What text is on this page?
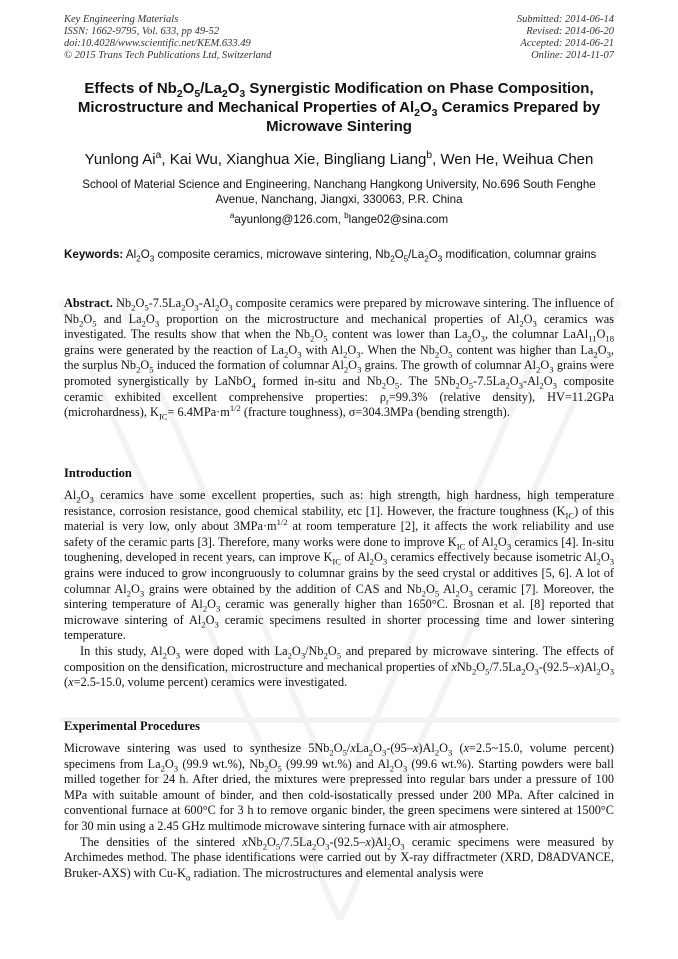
Key Engineering Materials
ISSN: 1662-9795, Vol. 633, pp 49-52
doi:10.4028/www.scientific.net/KEM.633.49
© 2015 Trans Tech Publications Ltd, Switzerland
Submitted: 2014-06-14
Revised: 2014-06-20
Accepted: 2014-06-21
Online: 2014-11-07
Effects of $Nb_2O_5/La_2O_3$ Synergistic Modification on Phase Composition, Microstructure and Mechanical Properties of $Al_2O_3$ Ceramics Prepared by Microwave Sintering
Yunlong Ai$^a$, Kai Wu, Xianghua Xie, Bingliang Liang$^b$, Wen He, Weihua Chen
School of Material Science and Engineering, Nanchang Hangkong University, No.696 South Fenghe Avenue, Nanchang, Jiangxi, 330063, P.R. China
$^a$ayunlong@126.com, $^b$lange02@sina.com
Keywords: $Al_2O_3$ composite ceramics, microwave sintering, $Nb_2O_5/La_2O_3$ modification, columnar grains

Abstract. $Nb_2O_5-7.5La_2O_3-Al_2O_3$ composite ceramics were prepared by microwave sintering. The influence of $Nb_2O_5$ and $La_2O_3$ proportion on the microstructure and mechanical properties of $Al_2O_3$ ceramics was investigated. The results show that when the $Nb_2O_5$ content was lower than $La_2O_3$, the columnar $LaAl_{11}O_{18}$ grains were generated by the reaction of $La_2O_3$ with $Al_2O_3$. When the $Nb_2O_5$ content was higher than $La_2O_3$, the surplus $Nb_2O_5$ induced the formation of columnar $Al_2O_3$ grains. The growth of columnar $Al_2O_3$ grains were promoted synergistically by LaNbO$_4$ formed in-situ and $Nb_2O_5$. The $5Nb_2O_5-7.5La_2O_3-Al_2O_3$ composite ceramic exhibited excellent comprehensive properties: $\rho_r=99.3\%$ (relative density), HV=11.2GPa (microhardness), $K_{IC}= 6.4MPa\cdot m^{1/2}$ (fracture toughness), σ=304.3MPa (bending strength).

Introduction

$Al_2O_3$ ceramics have some excellent properties, such as: high strength, high hardness, high temperature resistance, corrosion resistance, good chemical stability, etc [1]. However, the fracture toughness $(K_{IC})$ of this material is very low, only about $3MPa\cdot m^{1/2}$ at room temperature [2], it affects the work reliability and use safety of the ceramic parts [3]. Therefore, many works were done to improve $K_{IC}$ of $Al_2O_3$ ceramics [4]. In-situ toughening, developed in recent years, can improve $K_{IC}$ of $Al_2O_3$ ceramics effectively because isometric $Al_2O_3$ grains were induced to grow incongruously to columnar grains by the seed crystal or additives [5, 6]. A lot of columnar $Al_2O_3$ grains were obtained by the addition of CAS and $Nb_2O_5$ $Al_2O_3$ ceramic [7]. Moreover, the sintering temperature of $Al_2O_3$ ceramic was generally higher than 1650°C. Brosnan et al. [8] reported that microwave sintering of $Al_2O_3$ ceramic specimens resulted in shorter processing time and lower sintering temperature.

In this study, $Al_2O_3$ were doped with $La_2O_3/Nb_2O_5$ and prepared by microwave sintering. The effects of composition on the densification, microstructure and mechanical properties of $xNb_2O_5/7.5La_2O_3-(92.5-x)Al_2O_3$ (x=2.5-15.0, volume percent) ceramics were investigated.

Experimental Procedures

Microwave sintering was used to synthesize $5Nb_2O_5/xLa_2O_3-(95-x)Al_2O_3$ (x=2.5~15.0, volume percent) specimens from $La_2O_3$ (99.9 wt.%), $Nb_2O_5$ (99.99 wt.%) and $Al_2O_3$ (99.6 wt.%). Starting powders were ball milled together for 24 h. After dried, the mixtures were prepressed into regular bars under a pressure of 100 MPa with suitable amount of binder, and then cold-isostatically pressed under 200 MPa. After calcined in conventional furnace at 600°C for 3 h to remove organic binder, the green specimens were sintered at 1500°C for 30 min using a 2.45 GHz multimode microwave sintering furnace with air atmosphere.

The densities of the sintered $xNb_2O_5/7.5La_2O_3-(92.5-x)Al_2O_3$ ceramic specimens were measured by Archimedes method. The phase identifications were carried out by X-ray diffractmeter (XRD, D8ADVANCE, Bruker-AXS) with $Cu-K_\alpha$ radiation. The microstructures and elemental analysis were
